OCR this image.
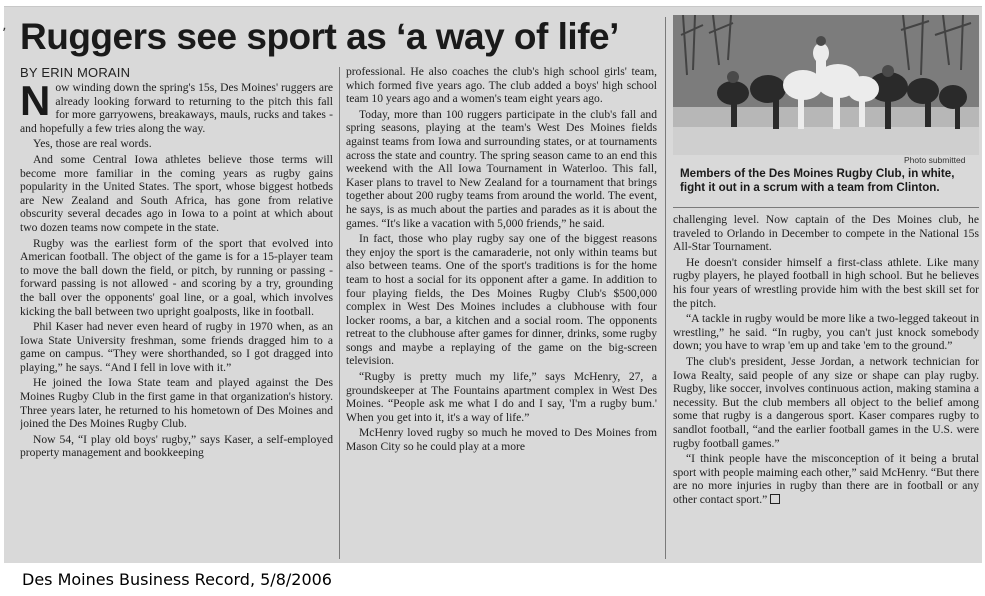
Ruggers see sport as ‘a way of life’
BY ERIN MORAIN

Now winding down the spring's 15s, Des Moines' ruggers are already looking forward to returning to the pitch this fall for more garryowens, breakaways, mauls, rucks and takes - and hopefully a few tries along the way.

Yes, those are real words.

And some Central Iowa athletes believe those terms will become more familiar in the coming years as rugby gains popularity in the United States. The sport, whose biggest hotbeds are New Zealand and South Africa, has gone from relative obscurity several decades ago in Iowa to a point at which about two dozen teams now compete in the state.

Rugby was the earliest form of the sport that evolved into American football. The object of the game is for a 15-player team to move the ball down the field, or pitch, by running or passing - forward passing is not allowed - and scoring by a try, grounding the ball over the opponents' goal line, or a goal, which involves kicking the ball between two upright goalposts, like in football.

Phil Kaser had never even heard of rugby in 1970 when, as an Iowa State University freshman, some friends dragged him to a game on campus. “They were shorthanded, so I got dragged into playing,” he says. “And I fell in love with it.”

He joined the Iowa State team and played against the Des Moines Rugby Club in the first game in that organization's history. Three years later, he returned to his hometown of Des Moines and joined the Des Moines Rugby Club.

Now 54, “I play old boys' rugby,” says Kaser, a self-employed property management and bookkeeping

professional. He also coaches the club's high school girls' team, which formed five years ago. The club added a boys' high school team 10 years ago and a women's team eight years ago.

Today, more than 100 ruggers participate in the club's fall and spring seasons, playing at the team's West Des Moines fields against teams from Iowa and surrounding states, or at tournaments across the state and country. The spring season came to an end this weekend with the All Iowa Tournament in Waterloo. This fall, Kaser plans to travel to New Zealand for a tournament that brings together about 200 rugby teams from around the world. The event, he says, is as much about the parties and parades as it is about the games. “It's like a vacation with 5,000 friends,” he said.

In fact, those who play rugby say one of the biggest reasons they enjoy the sport is the camaraderie, not only within teams but also between teams. One of the sport's traditions is for the home team to host a social for its opponent after a game. In addition to four playing fields, the Des Moines Rugby Club's $500,000 complex in West Des Moines includes a clubhouse with four locker rooms, a bar, a kitchen and a social room. The opponents retreat to the clubhouse after games for dinner, drinks, some rugby songs and maybe a replaying of the game on the big-screen television.

“Rugby is pretty much my life,” says McHenry, 27, a groundskeeper at The Fountains apartment complex in West Des Moines. “People ask me what I do and I say, 'I'm a rugby bum.' When you get into it, it's a way of life.”

McHenry loved rugby so much he moved to Des Moines from Mason City so he could play at a more

Photo submitted
Members of the Des Moines Rugby Club, in white, fight it out in a scrum with a team from Clinton.

challenging level. Now captain of the Des Moines club, he traveled to Orlando in December to compete in the National 15s All-Star Tournament.

He doesn't consider himself a first-class athlete. Like many rugby players, he played football in high school. But he believes his four years of wrestling provide him with the best skill set for the pitch.

“A tackle in rugby would be more like a two-legged takeout in wrestling,” he said. “In rugby, you can't just knock somebody down; you have to wrap 'em up and take 'em to the ground.”

The club's president, Jesse Jordan, a network technician for Iowa Realty, said people of any size or shape can play rugby. Rugby, like soccer, involves continuous action, making stamina a necessity. But the club members all object to the belief among some that rugby is a dangerous sport. Kaser compares rugby to sandlot football, “and the earlier football games in the U.S. were rugby football games.”

“I think people have the misconception of it being a brutal sport with people maiming each other,” said McHenry. “But there are no more injuries in rugby than there are in football or any other contact sport.”

ʼ
Des Moines Business Record, 5/8/2006
